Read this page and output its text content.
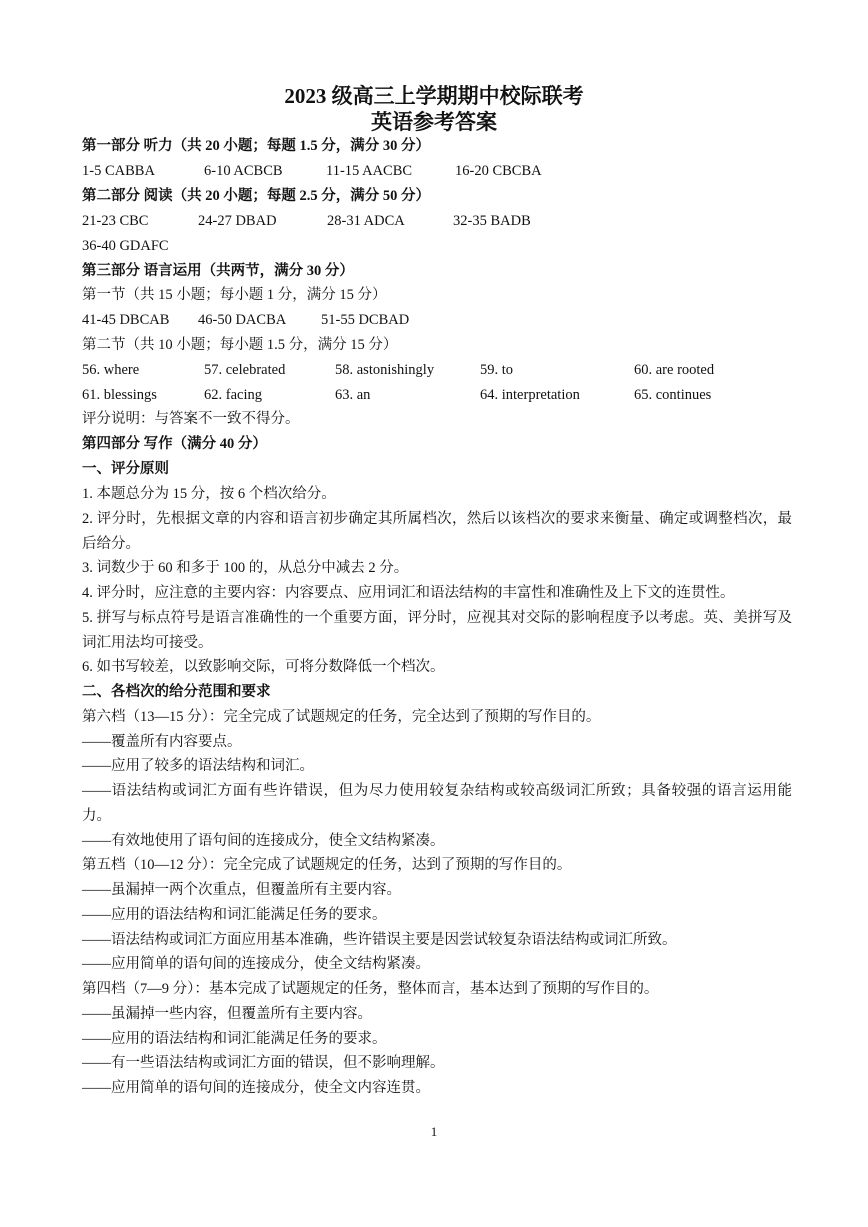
2023 级高三上学期期中校际联考
英语参考答案
第一部分 听力（共 20 小题；每题 1.5 分，满分 30 分）
1-5 CABBA	6-10 ACBCB	11-15 AACBC	16-20 CBCBA
第二部分 阅读（共 20 小题；每题 2.5 分，满分 50 分）
21-23 CBC	24-27 DBAD	28-31 ADCA	32-35 BADB
36-40 GDAFC
第三部分 语言运用（共两节，满分 30 分）
第一节（共 15 小题；每小题 1 分，满分 15 分）
41-45 DBCAB 46-50 DACBA 51-55 DCBAD
第二节（共 10 小题；每小题 1.5 分，满分 15 分）
56. where	57. celebrated	58. astonishingly	59. to	60. are rooted
61. blessings	62. facing	63. an	64. interpretation	65. continues
评分说明：与答案不一致不得分。
第四部分 写作（满分 40 分）
一、评分原则
1. 本题总分为 15 分，按 6 个档次给分。
2. 评分时，先根据文章的内容和语言初步确定其所属档次，然后以该档次的要求来衡量、确定或调整档次，最后给分。
3. 词数少于 60 和多于 100 的，从总分中减去 2 分。
4. 评分时，应注意的主要内容：内容要点、应用词汇和语法结构的丰富性和准确性及上下文的连贯性。
5. 拼写与标点符号是语言准确性的一个重要方面，评分时，应视其对交际的影响程度予以考虑。英、美拼写及词汇用法均可接受。
6. 如书写较差，以致影响交际，可将分数降低一个档次。
二、各档次的给分范围和要求
第六档（13—15 分）：完全完成了试题规定的任务，完全达到了预期的写作目的。
——覆盖所有内容要点。
——应用了较多的语法结构和词汇。
——语法结构或词汇方面有些许错误，但为尽力使用较复杂结构或较高级词汇所致；具备较强的语言运用能力。
——有效地使用了语句间的连接成分，使全文结构紧凑。
第五档（10—12 分）：完全完成了试题规定的任务，达到了预期的写作目的。
——虽漏掉一两个次重点，但覆盖所有主要内容。
——应用的语法结构和词汇能满足任务的要求。
——语法结构或词汇方面应用基本准确，些许错误主要是因尝试较复杂语法结构或词汇所致。
——应用简单的语句间的连接成分，使全文结构紧凑。
第四档（7—9 分）：基本完成了试题规定的任务，整体而言，基本达到了预期的写作目的。
——虽漏掉一些内容，但覆盖所有主要内容。
——应用的语法结构和词汇能满足任务的要求。
——有一些语法结构或词汇方面的错误，但不影响理解。
——应用简单的语句间的连接成分，使全文内容连贯。
1
